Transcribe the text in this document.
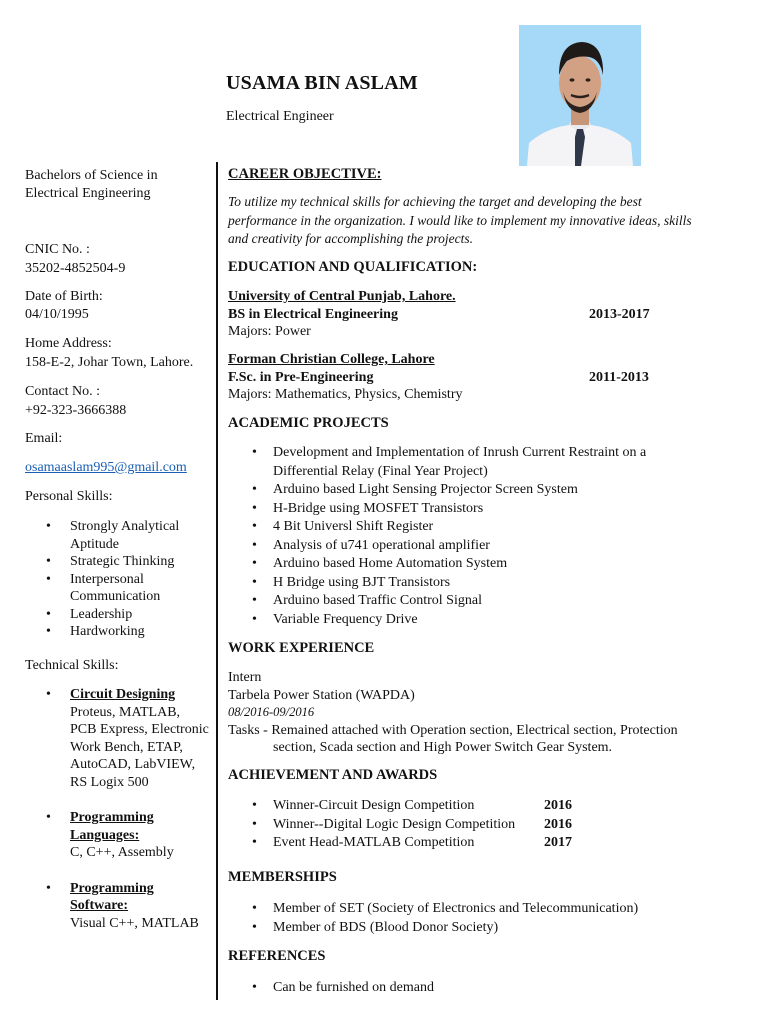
USAMA BIN ASLAM
Electrical Engineer
Bachelors of Science in Electrical Engineering
CNIC No. :
35202-4852504-9
Date of Birth:
04/10/1995
Home Address:
158-E-2, Johar Town, Lahore.
Contact No. :
+92-323-3666388
Email:
osamaaslam995@gmail.com
Personal Skills:
• Strongly Analytical Aptitude
• Strategic Thinking
• Interpersonal Communication
• Leadership
• Hardworking
Technical Skills:
• Circuit Designing
Proteus, MATLAB, PCB Express, Electronic Work Bench, ETAP, AutoCAD, LabVIEW, RS Logix 500
• Programming Languages:
C, C++, Assembly
• Programming Software:
Visual C++, MATLAB
CAREER OBJECTIVE:
To utilize my technical skills for achieving the target and developing the best performance in the organization. I would like to implement my innovative ideas, skills and creativity for accomplishing the projects.
EDUCATION AND QUALIFICATION:
University of Central Punjab, Lahore.
BS in Electrical Engineering	2013-2017
Majors: Power
Forman Christian College, Lahore
F.Sc. in Pre-Engineering	2011-2013
Majors: Mathematics, Physics, Chemistry
ACADEMIC PROJECTS
• Development and Implementation of Inrush Current Restraint on a Differential Relay (Final Year Project)
• Arduino based Light Sensing Projector Screen System
• H-Bridge using MOSFET Transistors
• 4 Bit Universl Shift Register
• Analysis of u741 operational amplifier
• Arduino based Home Automation System
• H Bridge using BJT Transistors
• Arduino based Traffic Control Signal
• Variable Frequency Drive
WORK EXPERIENCE
Intern
Tarbela Power Station (WAPDA)
08/2016-09/2016
Tasks - Remained attached with Operation section, Electrical section, Protection section, Scada section and High Power Switch Gear System.
ACHIEVEMENT AND AWARDS
• Winner-Circuit Design Competition	2016
• Winner--Digital Logic Design Competition 2016
• Event Head-MATLAB Competition	2017
MEMBERSHIPS
• Member of SET (Society of Electronics and Telecommunication)
• Member of BDS (Blood Donor Society)
REFERENCES
• Can be furnished on demand
